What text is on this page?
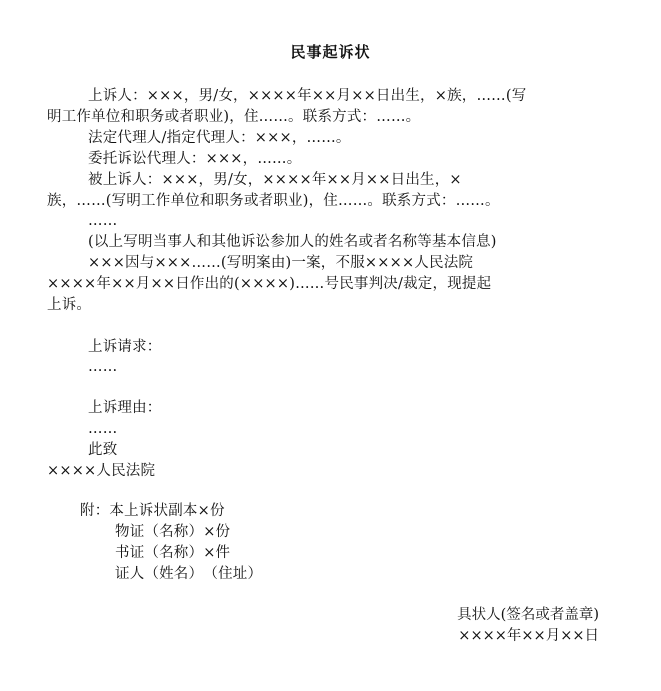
民事起诉状
上诉人：×××，男/女，××××年××月××日出生，×族，……(写
明工作单位和职务或者职业)，住……。联系方式：……。
法定代理人/指定代理人：×××，……。
委托诉讼代理人：×××，……。
被上诉人：×××，男/女，××××年××月××日出生，×
族，……(写明工作单位和职务或者职业)，住……。联系方式：……。
……
(以上写明当事人和其他诉讼参加人的姓名或者名称等基本信息)
×××因与×××……(写明案由)一案，不服××××人民法院
××××年××月××日作出的(××××)……号民事判决/裁定，现提起
上诉。
上诉请求：
……
上诉理由：
……
此致
××××人民法院
附：本上诉状副本×份
物证（名称）×份
书证（名称）×件
证人（姓名）　（住址）
具状人(签名或者盖章)
××××年××月××日
